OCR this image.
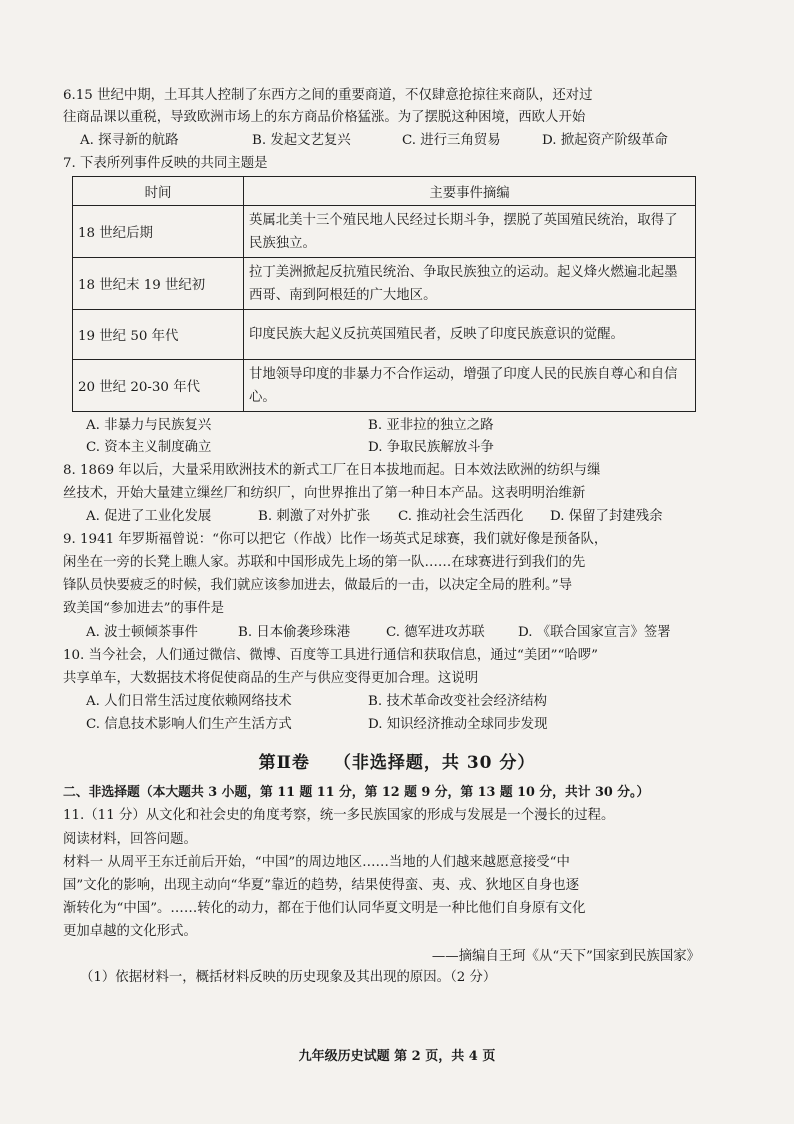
6.15 世纪中期，土耳其人控制了东西方之间的重要商道，不仅肆意抢掠往来商队，还对过
往商品课以重税，导致欧洲市场上的东方商品价格猛涨。为了摆脱这种困境，西欧人开始
A. 探寻新的航路	B. 发起文艺复兴	C. 进行三角贸易	D. 掀起资产阶级革命
7. 下表所列事件反映的共同主题是
时间	主要事件摘编
18 世纪后期	英属北美十三个殖民地人民经过长期斗争，摆脱了英国殖民统治，取得了民族独立。
18 世纪末 19 世纪初	拉丁美洲掀起反抗殖民统治、争取民族独立的运动。起义烽火燃遍北起墨西哥、南到阿根廷的广大地区。
19 世纪 50 年代	印度民族大起义反抗英国殖民者，反映了印度民族意识的觉醒。
20 世纪 20-30 年代	甘地领导印度的非暴力不合作运动，增强了印度人民的民族自尊心和自信心。
A. 非暴力与民族复兴	B. 亚非拉的独立之路
C. 资本主义制度确立	D. 争取民族解放斗争
8. 1869 年以后，大量采用欧洲技术的新式工厂在日本拔地而起。日本效法欧洲的纺织与缫
丝技术，开始大量建立缫丝厂和纺织厂，向世界推出了第一种日本产品。这表明明治维新
A. 促进了工业化发展	B. 刺激了对外扩张 C. 推动社会生活西化 D. 保留了封建残余
9. 1941 年罗斯福曾说：“你可以把它（作战）比作一场英式足球赛，我们就好像是预备队，
闲坐在一旁的长凳上瞧人家。苏联和中国形成先上场的第一队……在球赛进行到我们的先
锋队员快要疲乏的时候，我们就应该参加进去，做最后的一击，以决定全局的胜利。”导
致美国“参加进去”的事件是
A. 波士顿倾茶事件	B. 日本偷袭珍珠港	C. 德军进攻苏联 D. 《联合国家宣言》签署
10. 当今社会，人们通过微信、微博、百度等工具进行通信和获取信息，通过“美团”“哈啰”
共享单车，大数据技术将促使商品的生产与供应变得更加合理。这说明
A. 人们日常生活过度依赖网络技术	B. 技术革命改变社会经济结构
C. 信息技术影响人们生产生活方式	D. 知识经济推动全球同步发现
第Ⅱ卷 （非选择题，共 30 分）
二、非选择题（本大题共 3 小题，第 11 题 11 分，第 12 题 9 分，第 13 题 10 分，共计 30 分。）
11.（11 分）从文化和社会史的角度考察，统一多民族国家的形成与发展是一个漫长的过程。
阅读材料，回答问题。
材料一 从周平王东迁前后开始，“中国”的周边地区……当地的人们越来越愿意接受“中
国”文化的影响，出现主动向“华夏”靠近的趋势，结果使得蛮、夷、戎、狄地区自身也逐
渐转化为“中国”。……转化的动力，都在于他们认同华夏文明是一种比他们自身原有文化
更加卓越的文化形式。
——摘编自王珂《从“天下”国家到民族国家》
（1）依据材料一，概括材料反映的历史现象及其出现的原因。（2 分）
九年级历史试题 第 2 页，共 4 页
